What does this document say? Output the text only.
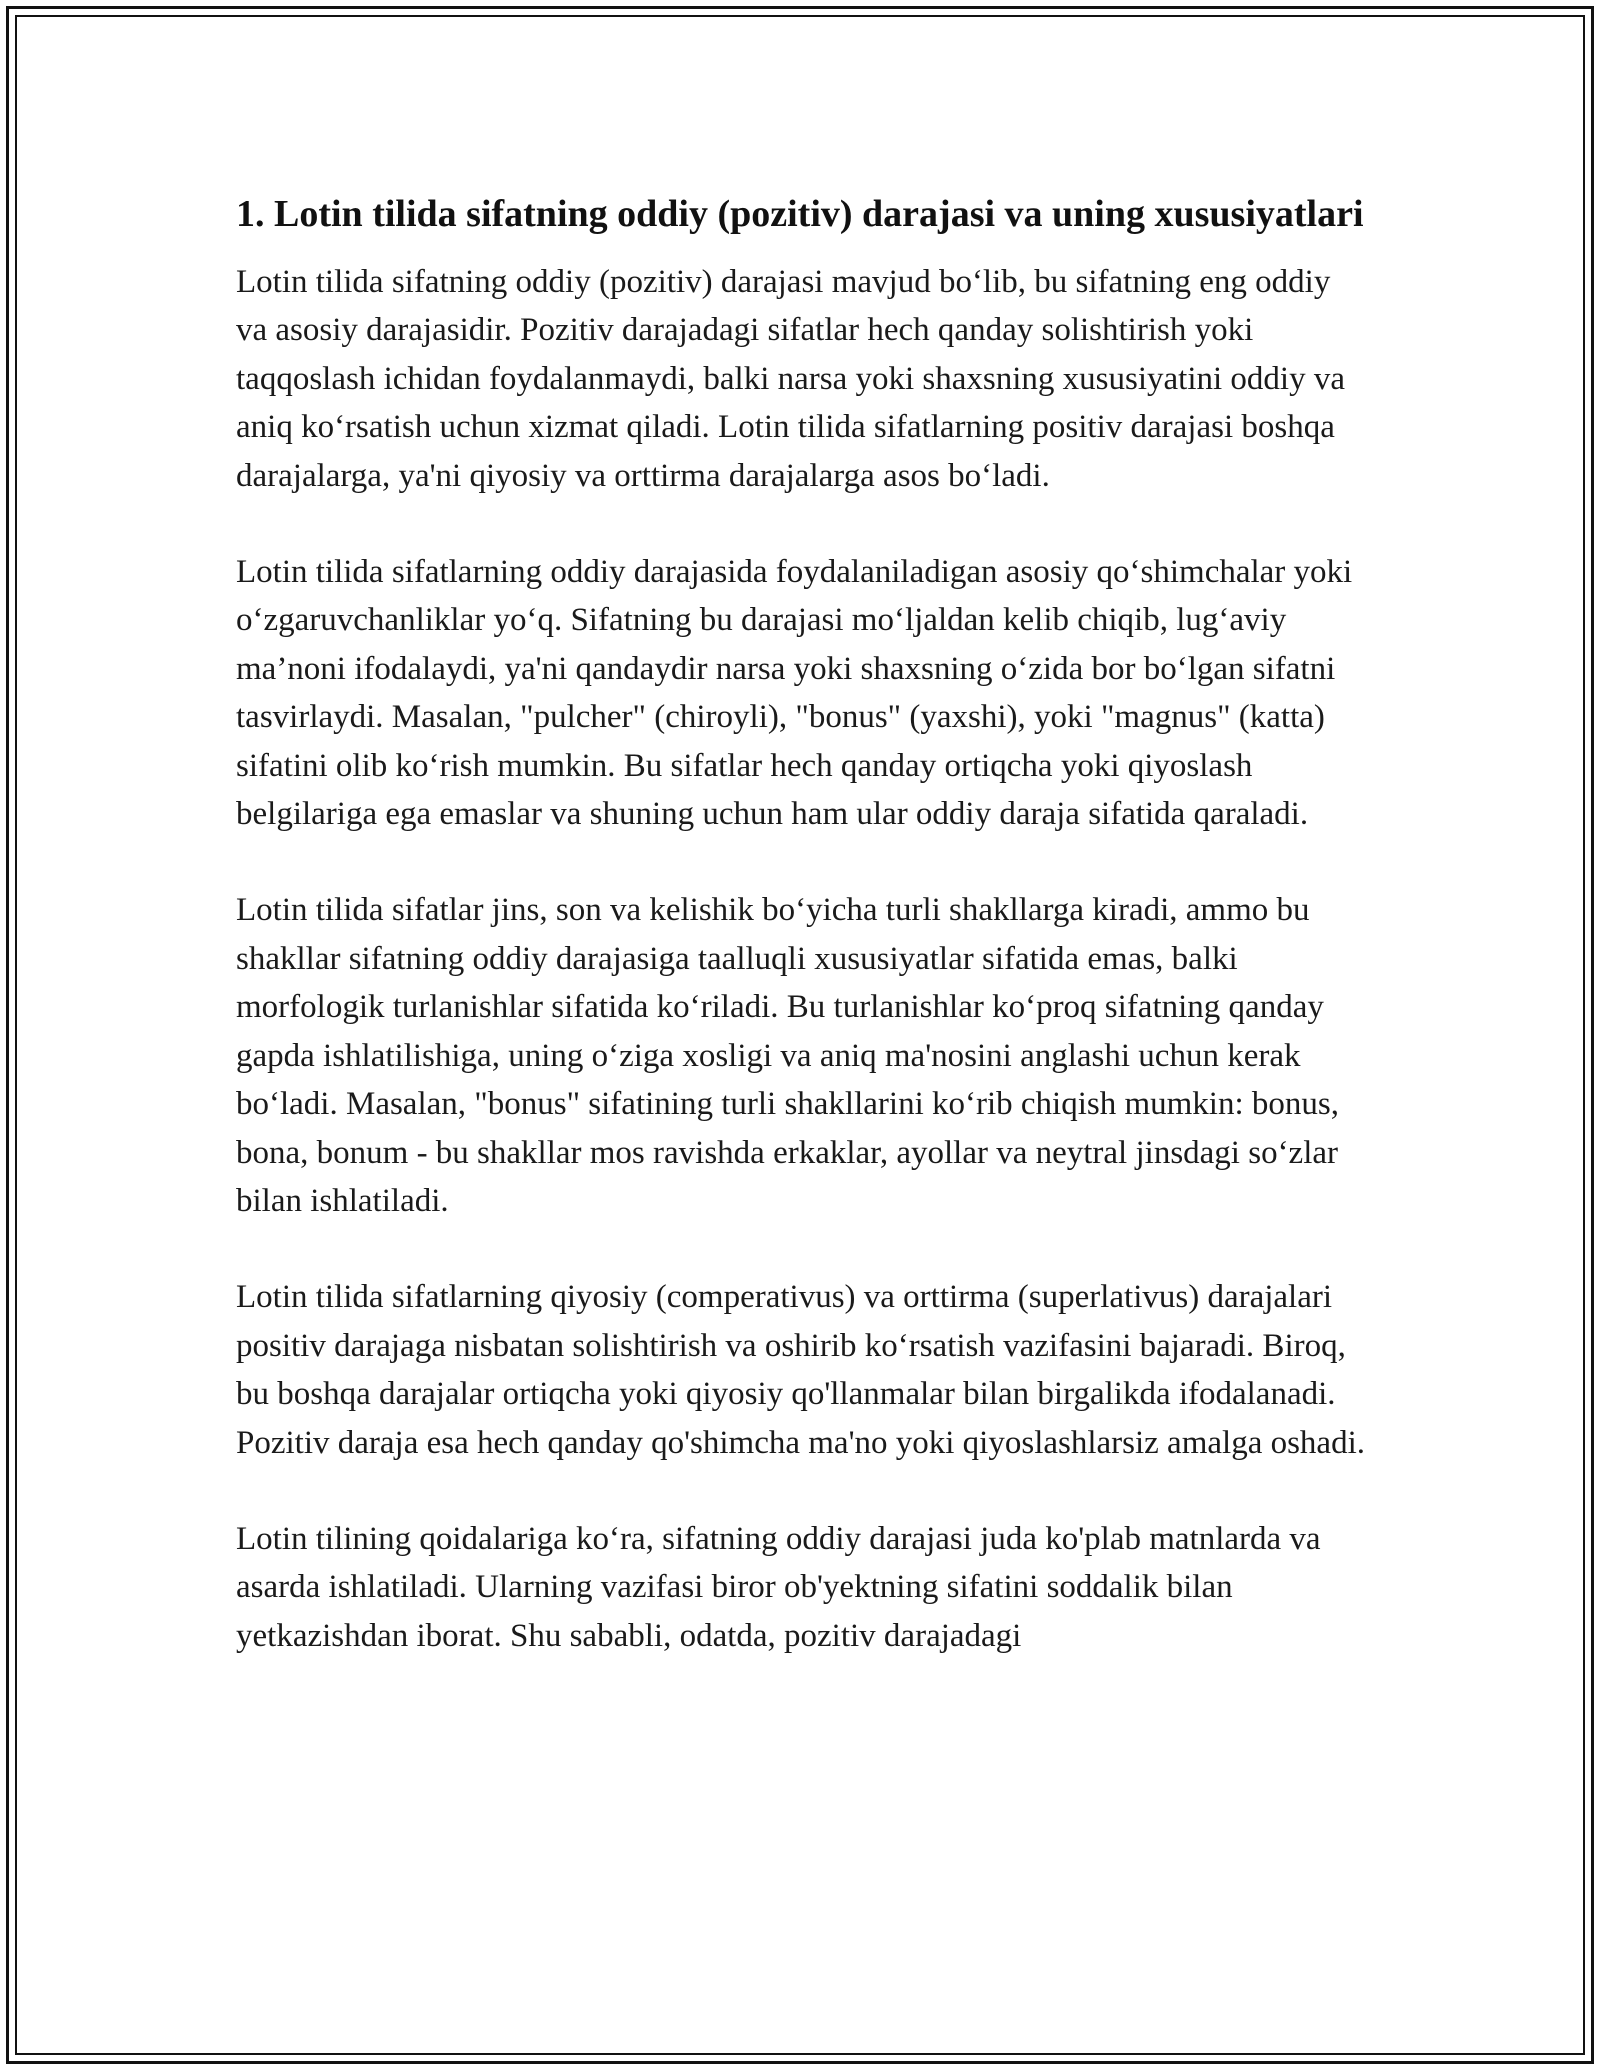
1. Lotin tilida sifatning oddiy (pozitiv) darajasi va uning xususiyatlari

Lotin tilida sifatning oddiy (pozitiv) darajasi mavjud bo‘lib, bu sifatning eng oddiy va asosiy darajasidir. Pozitiv darajadagi sifatlar hech qanday solishtirish yoki taqqoslash ichidan foydalanmaydi, balki narsa yoki shaxsning xususiyatini oddiy va aniq ko‘rsatish uchun xizmat qiladi. Lotin tilida sifatlarning positiv darajasi boshqa darajalarga, ya'ni qiyosiy va orttirma darajalarga asos bo‘ladi.

Lotin tilida sifatlarning oddiy darajasida foydalaniladigan asosiy qo‘shimchalar yoki o‘zgaruvchanliklar yo‘q. Sifatning bu darajasi mo‘ljaldan kelib chiqib, lug‘aviy ma’noni ifodalaydi, ya'ni qandaydir narsa yoki shaxsning o‘zida bor bo‘lgan sifatni tasvirlaydi. Masalan, "pulcher" (chiroyli), "bonus" (yaxshi), yoki "magnus" (katta) sifatini olib ko‘rish mumkin. Bu sifatlar hech qanday ortiqcha yoki qiyoslash belgilariga ega emaslar va shuning uchun ham ular oddiy daraja sifatida qaraladi.

Lotin tilida sifatlar jins, son va kelishik bo‘yicha turli shakllarga kiradi, ammo bu shakllar sifatning oddiy darajasiga taalluqli xususiyatlar sifatida emas, balki morfologik turlanishlar sifatida ko‘riladi. Bu turlanishlar ko‘proq sifatning qanday gapda ishlatilishiga, uning o‘ziga xosligi va aniq ma'nosini anglashi uchun kerak bo‘ladi. Masalan, "bonus" sifatining turli shakllarini ko‘rib chiqish mumkin: bonus, bona, bonum - bu shakllar mos ravishda erkaklar, ayollar va neytral jinsdagi so‘zlar bilan ishlatiladi.

Lotin tilida sifatlarning qiyosiy (comperativus) va orttirma (superlativus) darajalari positiv darajaga nisbatan solishtirish va oshirib ko‘rsatish vazifasini bajaradi. Biroq, bu boshqa darajalar ortiqcha yoki qiyosiy qo'llanmalar bilan birgalikda ifodalanadi. Pozitiv daraja esa hech qanday qo'shimcha ma'no yoki qiyoslashlarsiz amalga oshadi.

Lotin tilining qoidalariga ko‘ra, sifatning oddiy darajasi juda ko'plab matnlarda va asarda ishlatiladi. Ularning vazifasi biror ob'yektning sifatini soddalik bilan yetkazishdan iborat. Shu sababli, odatda, pozitiv darajadagi
